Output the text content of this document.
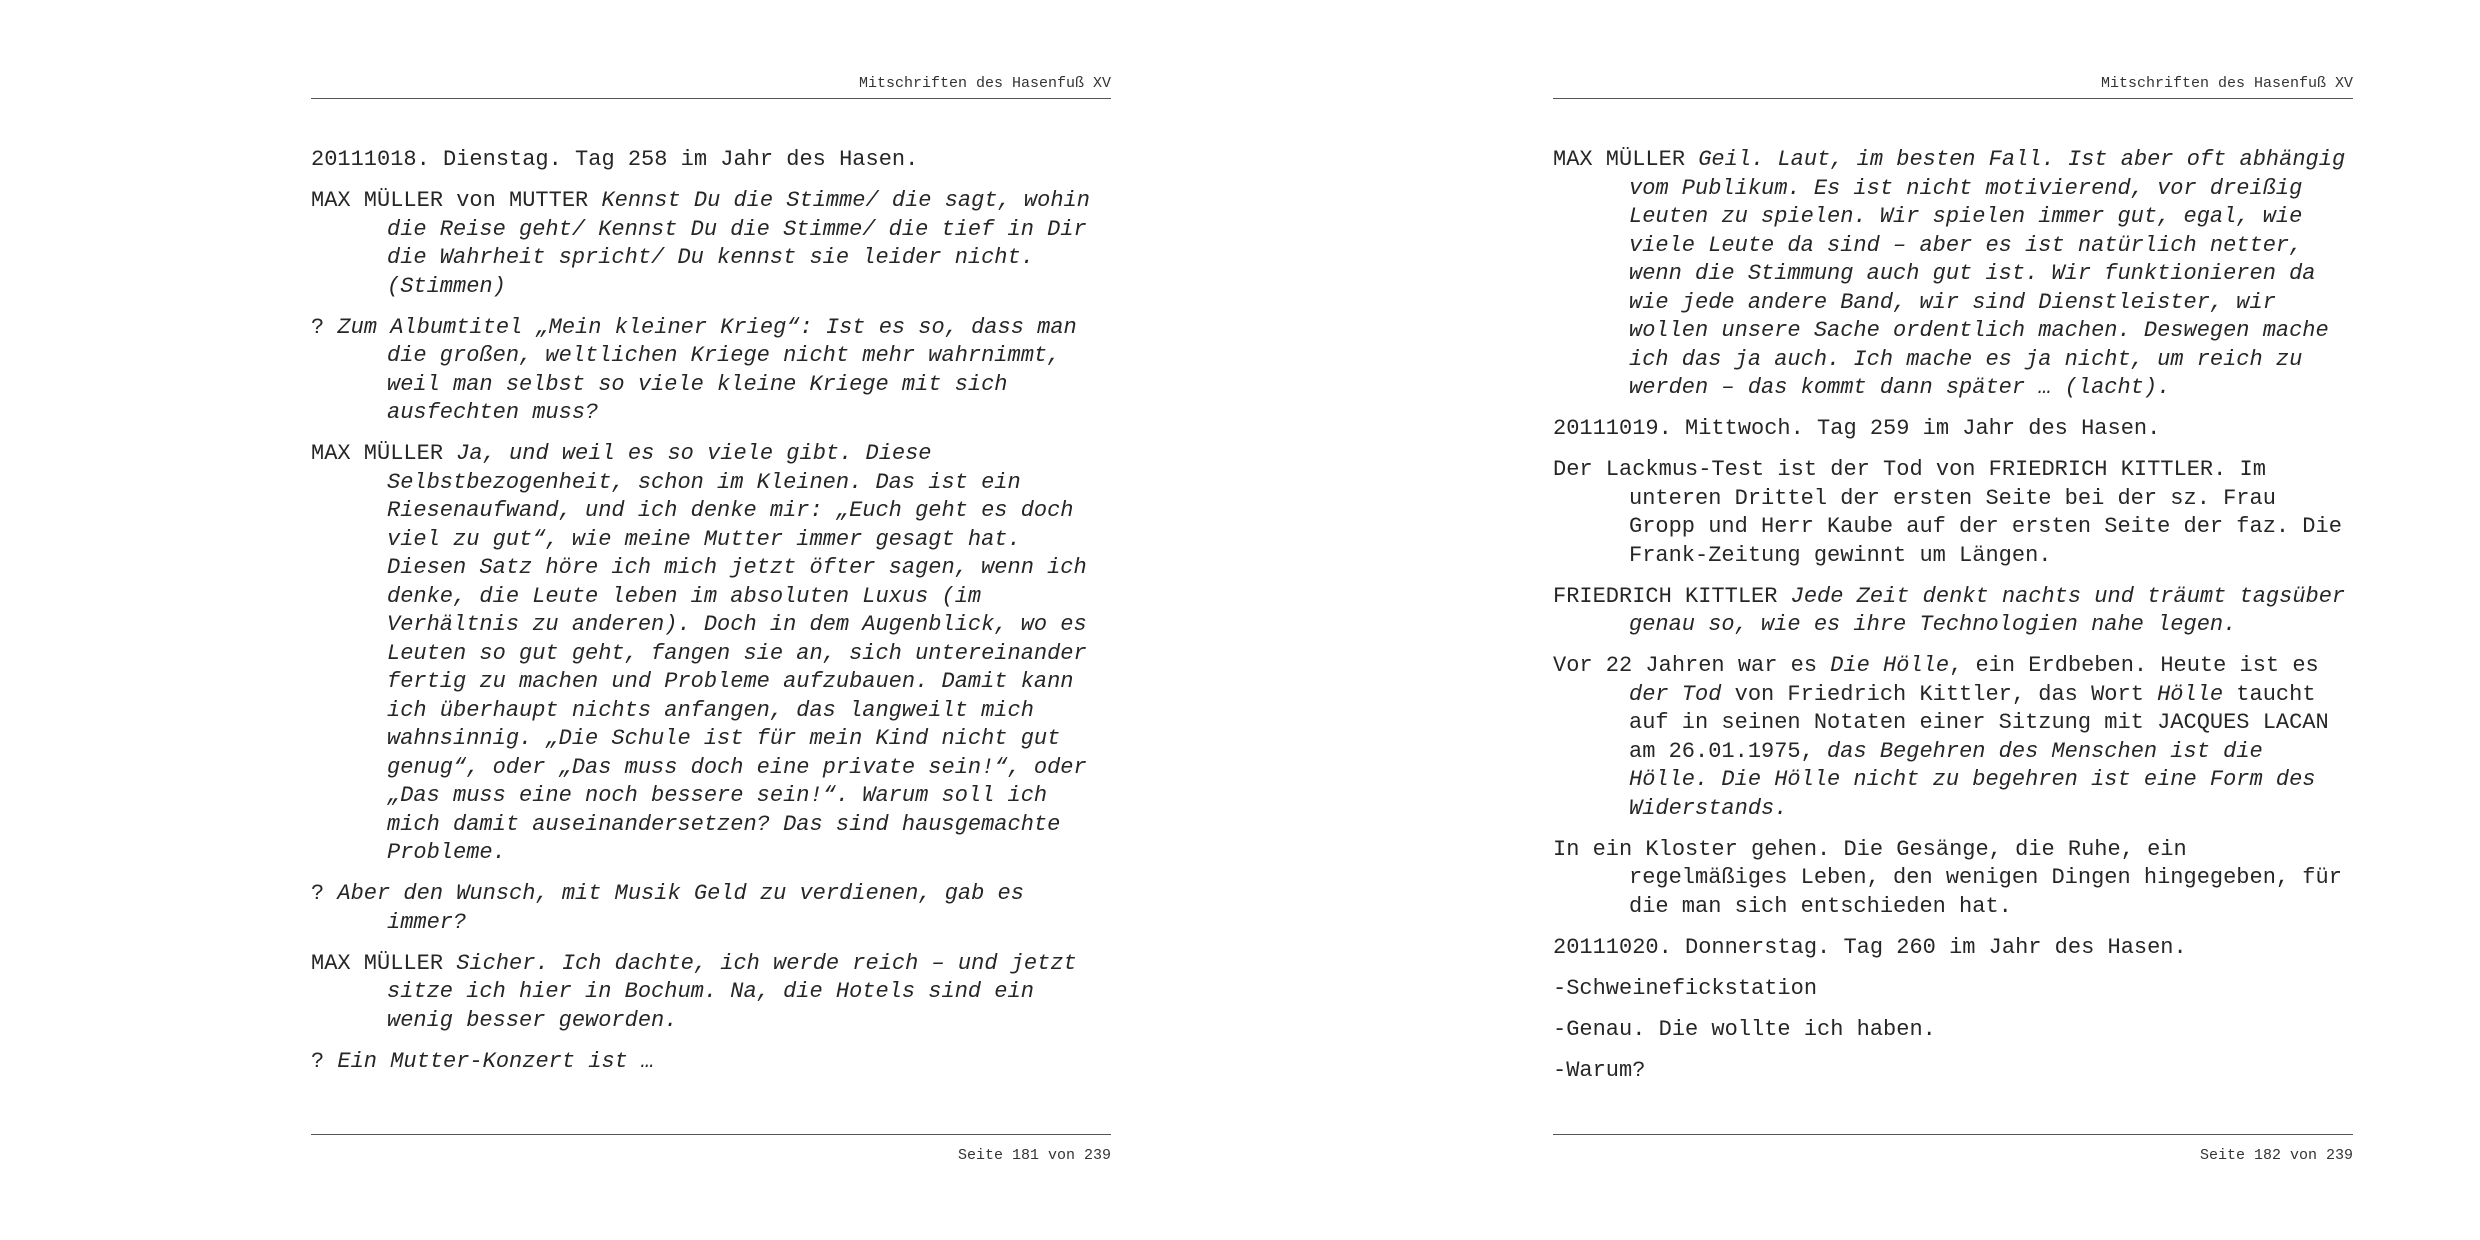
Mitschriften des Hasenfuß XV

20111018. Dienstag. Tag 258 im Jahr des Hasen.

MAX MÜLLER von MUTTER Kennst Du die Stimme/ die sagt, wohin die Reise geht/ Kennst Du die Stimme/ die tief in Dir die Wahrheit spricht/ Du kennst sie leider nicht. (Stimmen)

? Zum Albumtitel „Mein kleiner Krieg“: Ist es so, dass man die großen, weltlichen Kriege nicht mehr wahrnimmt, weil man selbst so viele kleine Kriege mit sich ausfechten muss?

MAX MÜLLER Ja, und weil es so viele gibt. Diese Selbstbezogenheit, schon im Kleinen. Das ist ein Riesenaufwand, und ich denke mir: „Euch geht es doch viel zu gut“, wie meine Mutter immer gesagt hat. Diesen Satz höre ich mich jetzt öfter sagen, wenn ich denke, die Leute leben im absoluten Luxus (im Verhältnis zu anderen). Doch in dem Augenblick, wo es Leuten so gut geht, fangen sie an, sich untereinander fertig zu machen und Probleme aufzubauen. Damit kann ich überhaupt nichts anfangen, das langweilt mich wahnsinnig. „Die Schule ist für mein Kind nicht gut genug“, oder „Das muss doch eine private sein!“, oder „Das muss eine noch bessere sein!“. Warum soll ich mich damit auseinandersetzen? Das sind hausgemachte Probleme.

? Aber den Wunsch, mit Musik Geld zu verdienen, gab es immer?

MAX MÜLLER Sicher. Ich dachte, ich werde reich – und jetzt sitze ich hier in Bochum. Na, die Hotels sind ein wenig besser geworden.

? Ein Mutter-Konzert ist …

Seite 181 von 239
Mitschriften des Hasenfuß XV

MAX MÜLLER Geil. Laut, im besten Fall. Ist aber oft abhängig vom Publikum. Es ist nicht motivierend, vor dreißig Leuten zu spielen. Wir spielen immer gut, egal, wie viele Leute da sind – aber es ist natürlich netter, wenn die Stimmung auch gut ist. Wir funktionieren da wie jede andere Band, wir sind Dienstleister, wir wollen unsere Sache ordentlich machen. Deswegen mache ich das ja auch. Ich mache es ja nicht, um reich zu werden – das kommt dann später … (lacht).

20111019. Mittwoch. Tag 259 im Jahr des Hasen.

Der Lackmus-Test ist der Tod von FRIEDRICH KITTLER. Im unteren Drittel der ersten Seite bei der sz. Frau Gropp und Herr Kaube auf der ersten Seite der faz. Die Frank-Zeitung gewinnt um Längen.

FRIEDRICH KITTLER Jede Zeit denkt nachts und träumt tagsüber genau so, wie es ihre Technologien nahe legen.

Vor 22 Jahren war es Die Hölle, ein Erdbeben. Heute ist es der Tod von Friedrich Kittler, das Wort Hölle taucht auf in seinen Notaten einer Sitzung mit JACQUES LACAN am 26.01.1975, das Begehren des Menschen ist die Hölle. Die Hölle nicht zu begehren ist eine Form des Widerstands.

In ein Kloster gehen. Die Gesänge, die Ruhe, ein regelmäßiges Leben, den wenigen Dingen hingegeben, für die man sich entschieden hat.

20111020. Donnerstag. Tag 260 im Jahr des Hasen.

-Schweinefickstation

-Genau. Die wollte ich haben.

-Warum?

Seite 182 von 239
